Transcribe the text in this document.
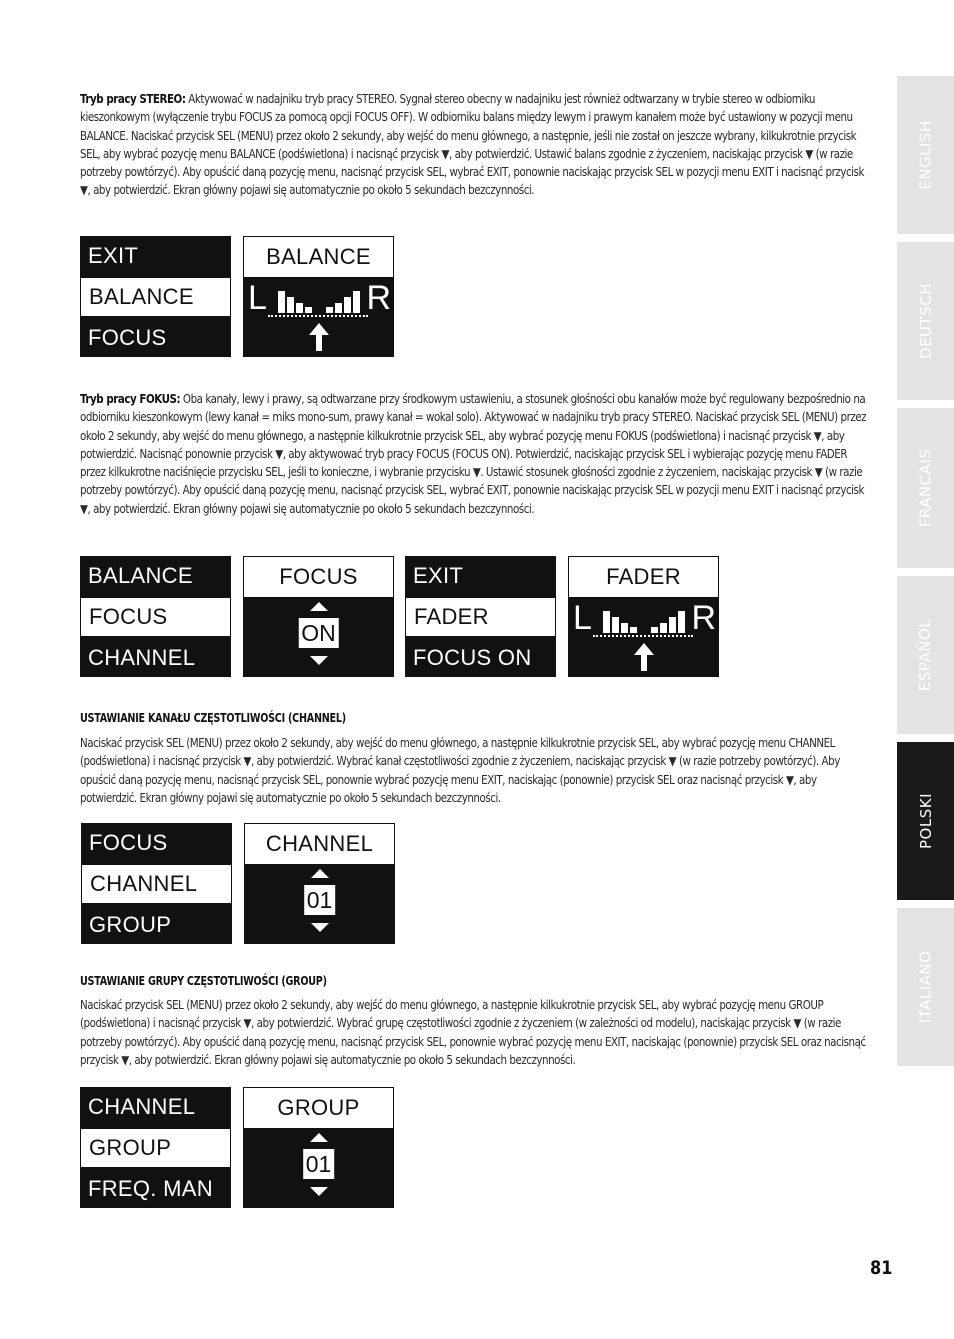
Tryb pracy STEREO: Aktywować w nadajniku tryb pracy STEREO. Sygnał stereo obecny w nadajniku jest również odtwarzany w trybie stereo w odbiorniku kieszonkowym (wyłączenie trybu FOCUS za pomocą opcji FOCUS OFF). W odbiorniku balans między lewym i prawym kanałem może być ustawiony w pozycji menu BALANCE. Naciskać przycisk SEL (MENU) przez około 2 sekundy, aby wejść do menu głównego, a następnie, jeśli nie został on jeszcze wybrany, kilkukrotnie przycisk SEL, aby wybrać pozycję menu BALANCE (podświetlona) i nacisnąć przycisk ▼, aby potwierdzić. Ustawić balans zgodnie z życzeniem, naciskając przycisk ▼ (w razie potrzeby powtórzyć). Aby opuścić daną pozycję menu, nacisnąć przycisk SEL, wybrać EXIT, ponownie naciskając przycisk SEL w pozycji menu EXIT i nacisnąć przycisk ▼, aby potwierdzić. Ekran główny pojawi się automatycznie po około 5 sekundach bezczynności.
EXIT
BALANCE
FOCUS
BALANCE
L	R
Tryb pracy FOKUS: Oba kanały, lewy i prawy, są odtwarzane przy środkowym ustawieniu, a stosunek głośności obu kanałów może być regulowany bezpośrednio na odbiorniku kieszonkowym (lewy kanał = miks mono-sum, prawy kanał = wokal solo). Aktywować w nadajniku tryb pracy STEREO. Naciskać przycisk SEL (MENU) przez około 2 sekundy, aby wejść do menu głównego, a następnie kilkukrotnie przycisk SEL, aby wybrać pozycję menu FOKUS (podświetlona) i nacisnąć przycisk ▼, aby potwierdzić. Nacisnąć ponownie przycisk ▼, aby aktywować tryb pracy FOCUS (FOCUS ON). Potwierdzić, naciskając przycisk SEL i wybierając pozycję menu FADER przez kilkukrotne naciśnięcie przycisku SEL, jeśli to konieczne, i wybranie przycisku ▼. Ustawić stosunek głośności zgodnie z życzeniem, naciskając przycisk ▼ (w razie potrzeby powtórzyć). Aby opuścić daną pozycję menu, nacisnąć przycisk SEL, wybrać EXIT, ponownie naciskając przycisk SEL w pozycji menu EXIT i nacisnąć przycisk ▼, aby potwierdzić. Ekran główny pojawi się automatycznie po około 5 sekundach bezczynności.
BALANCE
FOCUS
CHANNEL
FOCUS
ON
EXIT
FADER
FOCUS ON
FADER
L	R
USTAWIANIE KANAŁU CZĘSTOTLIWOŚCI (CHANNEL)
Naciskać przycisk SEL (MENU) przez około 2 sekundy, aby wejść do menu głównego, a następnie kilkukrotnie przycisk SEL, aby wybrać pozycję menu CHANNEL (podświetlona) i nacisnąć przycisk ▼, aby potwierdzić. Wybrać kanał częstotliwości zgodnie z życzeniem, naciskając przycisk ▼ (w razie potrzeby powtórzyć). Aby opuścić daną pozycję menu, nacisnąć przycisk SEL, ponownie wybrać pozycję menu EXIT, naciskając (ponownie) przycisk SEL oraz nacisnąć przycisk ▼, aby potwierdzić. Ekran główny pojawi się automatycznie po około 5 sekundach bezczynności.
FOCUS
CHANNEL
GROUP
CHANNEL
01
USTAWIANIE GRUPY CZĘSTOTLIWOŚCI (GROUP)
Naciskać przycisk SEL (MENU) przez około 2 sekundy, aby wejść do menu głównego, a następnie kilkukrotnie przycisk SEL, aby wybrać pozycję menu GROUP (podświetlona) i nacisnąć przycisk ▼, aby potwierdzić. Wybrać grupę częstotliwości zgodnie z życzeniem (w zależności od modelu), naciskając przycisk ▼ (w razie potrzeby powtórzyć). Aby opuścić daną pozycję menu, nacisnąć przycisk SEL, ponownie wybrać pozycję menu EXIT, naciskając (ponownie) przycisk SEL oraz nacisnąć przycisk ▼, aby potwierdzić. Ekran główny pojawi się automatycznie po około 5 sekundach bezczynności.
CHANNEL
GROUP
FREQ. MAN
GROUP
01
ENGLISH
DEUTSCH
FRANCAIS
ESPAÑOL
POLSKI
ITALIANO
81
